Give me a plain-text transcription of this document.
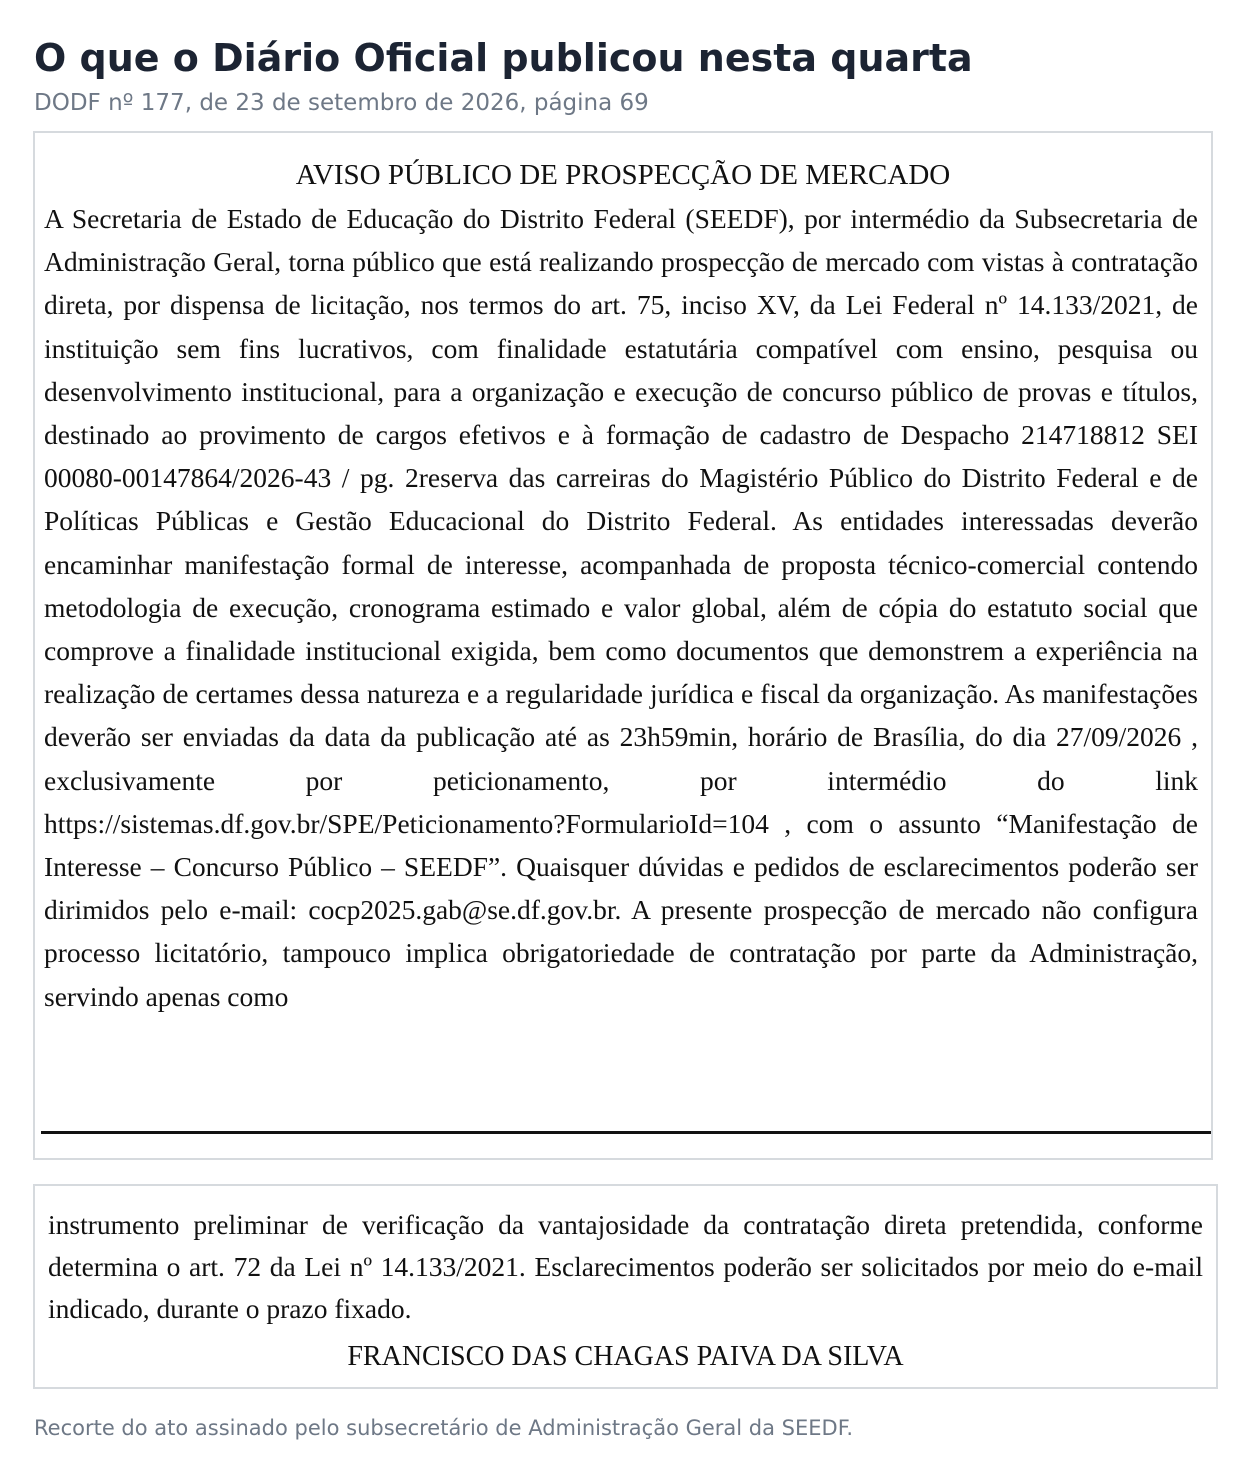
O que o Diário Oficial publicou nesta quarta
DODF nº 177, de 23 de setembro de 2026, página 69
AVISO PÚBLICO DE PROSPECÇÃO DE MERCADO

A Secretaria de Estado de Educação do Distrito Federal (SEEDF), por intermédio da Subsecretaria de Administração Geral, torna público que está realizando prospecção de mercado com vistas à contratação direta, por dispensa de licitação, nos termos do art. 75, inciso XV, da Lei Federal nº 14.133/2021, de instituição sem fins lucrativos, com finalidade estatutária compatível com ensino, pesquisa ou desenvolvimento institucional, para a organização e execução de concurso público de provas e títulos, destinado ao provimento de cargos efetivos e à formação de cadastro de Despacho 214718812 SEI 00080-00147864/2026-43 / pg. 2reserva das carreiras do Magistério Público do Distrito Federal e de Políticas Públicas e Gestão Educacional do Distrito Federal. As entidades interessadas deverão encaminhar manifestação formal de interesse, acompanhada de proposta técnico-comercial contendo metodologia de execução, cronograma estimado e valor global, além de cópia do estatuto social que comprove a finalidade institucional exigida, bem como documentos que demonstrem a experiência na realização de certames dessa natureza e a regularidade jurídica e fiscal da organização. As manifestações deverão ser enviadas da data da publicação até as 23h59min, horário de Brasília, do dia 27/09/2026 , exclusivamente por peticionamento, por intermédio do link https://sistemas.df.gov.br/SPE/Peticionamento?FormularioId=104 , com o assunto “Manifestação de Interesse – Concurso Público – SEEDF”. Quaisquer dúvidas e pedidos de esclarecimentos poderão ser dirimidos pelo e-mail: cocp2025.gab@se.df.gov.br. A presente prospecção de mercado não configura processo licitatório, tampouco implica obrigatoriedade de contratação por parte da Administração, servindo apenas como

instrumento preliminar de verificação da vantajosidade da contratação direta pretendida, conforme determina o art. 72 da Lei nº 14.133/2021. Esclarecimentos poderão ser solicitados por meio do e-mail indicado, durante o prazo fixado.

FRANCISCO DAS CHAGAS PAIVA DA SILVA
Recorte do ato assinado pelo subsecretário de Administração Geral da SEEDF.
